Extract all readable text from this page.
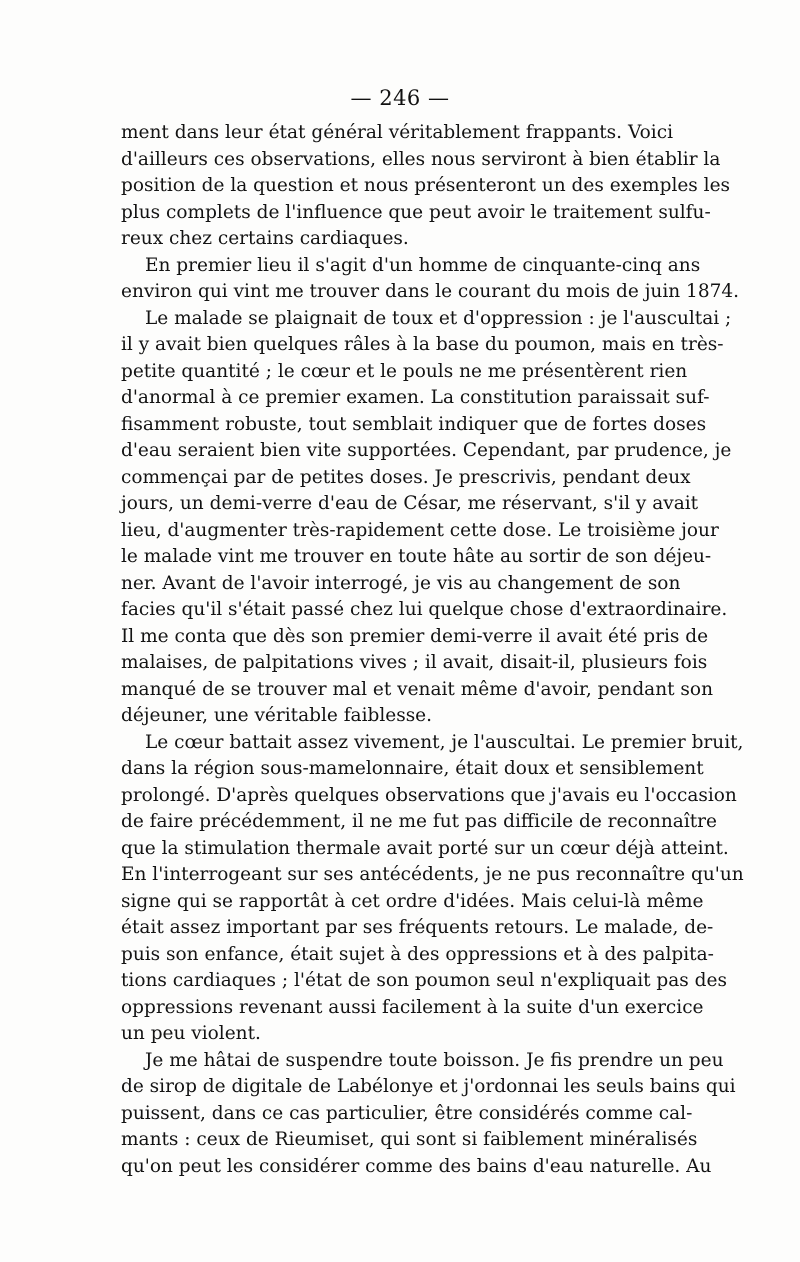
— 246 —
ment dans leur état général véritablement frappants. Voici
d'ailleurs ces observations, elles nous serviront à bien établir la
position de la question et nous présenteront un des exemples les
plus complets de l'influence que peut avoir le traitement sulfu-
reux chez certains cardiaques.
En premier lieu il s'agit d'un homme de cinquante-cinq ans
environ qui vint me trouver dans le courant du mois de juin 1874.
Le malade se plaignait de toux et d'oppression : je l'auscultai ;
il y avait bien quelques râles à la base du poumon, mais en très-
petite quantité ; le cœur et le pouls ne me présentèrent rien
d'anormal à ce premier examen. La constitution paraissait suf-
fisamment robuste, tout semblait indiquer que de fortes doses
d'eau seraient bien vite supportées. Cependant, par prudence, je
commençai par de petites doses. Je prescrivis, pendant deux
jours, un demi-verre d'eau de César, me réservant, s'il y avait
lieu, d'augmenter très-rapidement cette dose. Le troisième jour
le malade vint me trouver en toute hâte au sortir de son déjeu-
ner. Avant de l'avoir interrogé, je vis au changement de son
facies qu'il s'était passé chez lui quelque chose d'extraordinaire.
Il me conta que dès son premier demi-verre il avait été pris de
malaises, de palpitations vives ; il avait, disait-il, plusieurs fois
manqué de se trouver mal et venait même d'avoir, pendant son
déjeuner, une véritable faiblesse.
Le cœur battait assez vivement, je l'auscultai. Le premier bruit,
dans la région sous-mamelonnaire, était doux et sensiblement
prolongé. D'après quelques observations que j'avais eu l'occasion
de faire précédemment, il ne me fut pas difficile de reconnaître
que la stimulation thermale avait porté sur un cœur déjà atteint.
En l'interrogeant sur ses antécédents, je ne pus reconnaître qu'un
signe qui se rapportât à cet ordre d'idées. Mais celui-là même
était assez important par ses fréquents retours. Le malade, de-
puis son enfance, était sujet à des oppressions et à des palpita-
tions cardiaques ; l'état de son poumon seul n'expliquait pas des
oppressions revenant aussi facilement à la suite d'un exercice
un peu violent.
Je me hâtai de suspendre toute boisson. Je fis prendre un peu
de sirop de digitale de Labélonye et j'ordonnai les seuls bains qui
puissent, dans ce cas particulier, être considérés comme cal-
mants : ceux de Rieumiset, qui sont si faiblement minéralisés
qu'on peut les considérer comme des bains d'eau naturelle. Au
